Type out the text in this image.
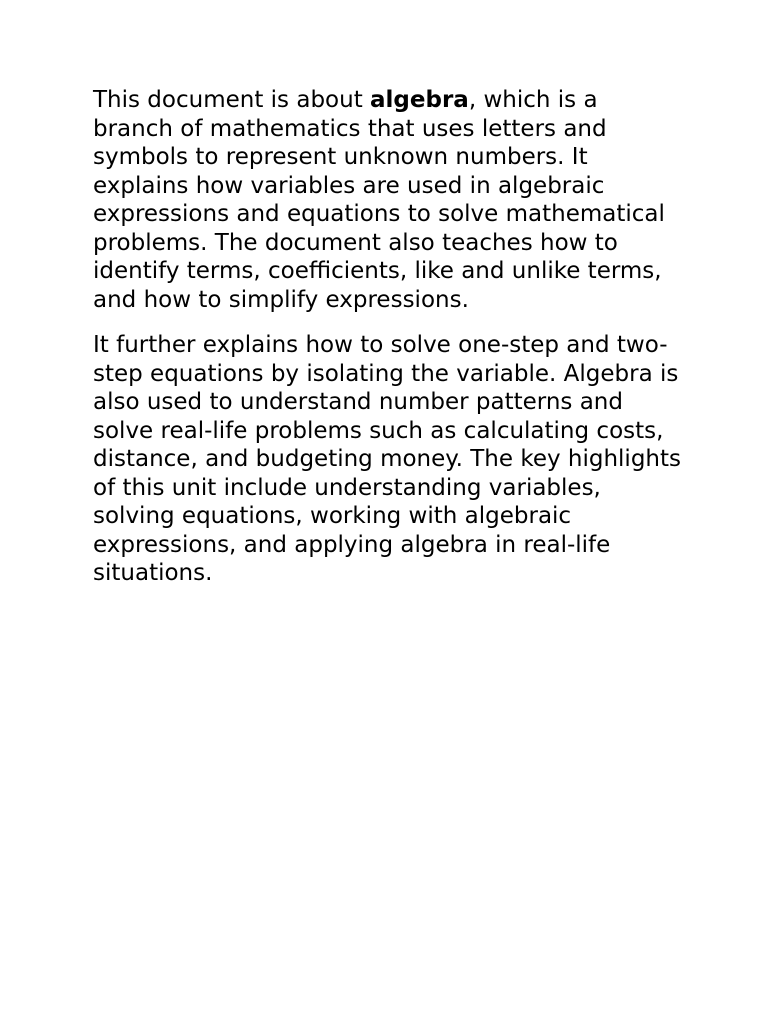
This document is about algebra, which is a branch of mathematics that uses letters and symbols to represent unknown numbers. It explains how variables are used in algebraic expressions and equations to solve mathematical problems. The document also teaches how to identify terms, coefficients, like and unlike terms, and how to simplify expressions.

It further explains how to solve one-step and two-step equations by isolating the variable. Algebra is also used to understand number patterns and solve real-life problems such as calculating costs, distance, and budgeting money. The key highlights of this unit include understanding variables, solving equations, working with algebraic expressions, and applying algebra in real-life situations.
